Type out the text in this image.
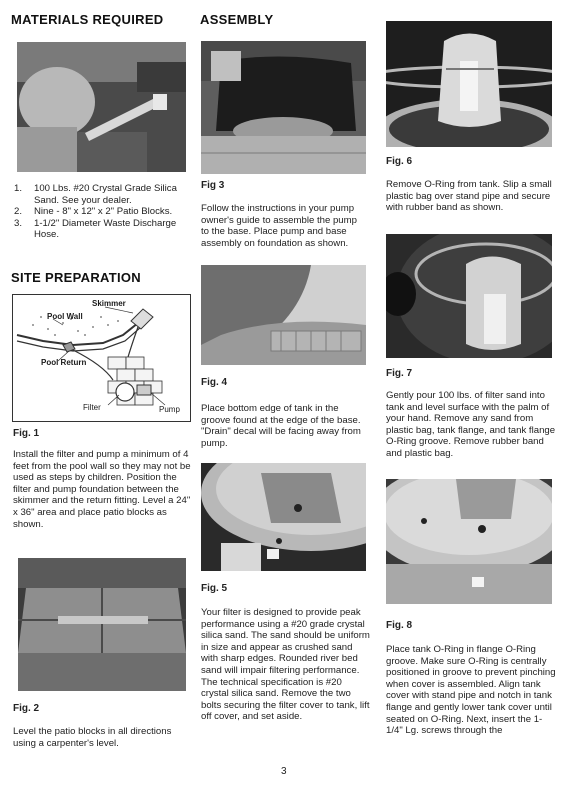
MATERIALS REQUIRED
1.	100 Lbs. #20 Crystal Grade Silica Sand. See your dealer.
2.	Nine - 8" x 12" x 2" Patio Blocks.
3.	1-1/2" Diameter Waste Discharge Hose.
SITE PREPARATION
Skimmer
Pool Wall
Pool Return
Filter	Pump
Fig. 1
Install the filter and pump a minimum of 4 feet from the pool wall so they may not be used as steps by children. Position the filter and pump foundation between the skimmer and the return fitting. Level a 24" x 36" area and place patio blocks as shown.
Fig. 2
Level the patio blocks in all directions using a carpenter's level.
ASSEMBLY
Fig 3
Follow the instructions in your pump owner's guide to assemble the pump to the base. Place pump and base assembly on foundation as shown.
Fig. 4
Place bottom edge of tank in the groove found at the edge of the base. "Drain" decal will be facing away from pump.
Fig. 5
Your filter is designed to provide peak performance using a #20 grade crystal silica sand. The sand should be uniform in size and appear as crushed sand with sharp edges. Rounded river bed sand will impair filtering performance. The technical specification is #20 crystal silica sand. Remove the two bolts securing the filter cover to tank, lift off cover, and set aside.
Fig. 6
Remove O-Ring from tank. Slip a small plastic bag over stand pipe and secure with rubber band as shown.
Fig. 7
Gently pour 100 lbs. of filter sand into tank and level surface with the palm of your hand. Remove any sand from plastic bag, tank flange, and tank flange O-Ring groove. Remove rubber band and plastic bag.
Fig. 8
Place tank O-Ring in flange O-Ring groove. Make sure O-Ring is centrally positioned in groove to prevent pinching when cover is assembled. Align tank cover with stand pipe and notch in tank flange and gently lower tank cover until seated on O-Ring. Next, insert the 1-1/4" Lg. screws through the
3
